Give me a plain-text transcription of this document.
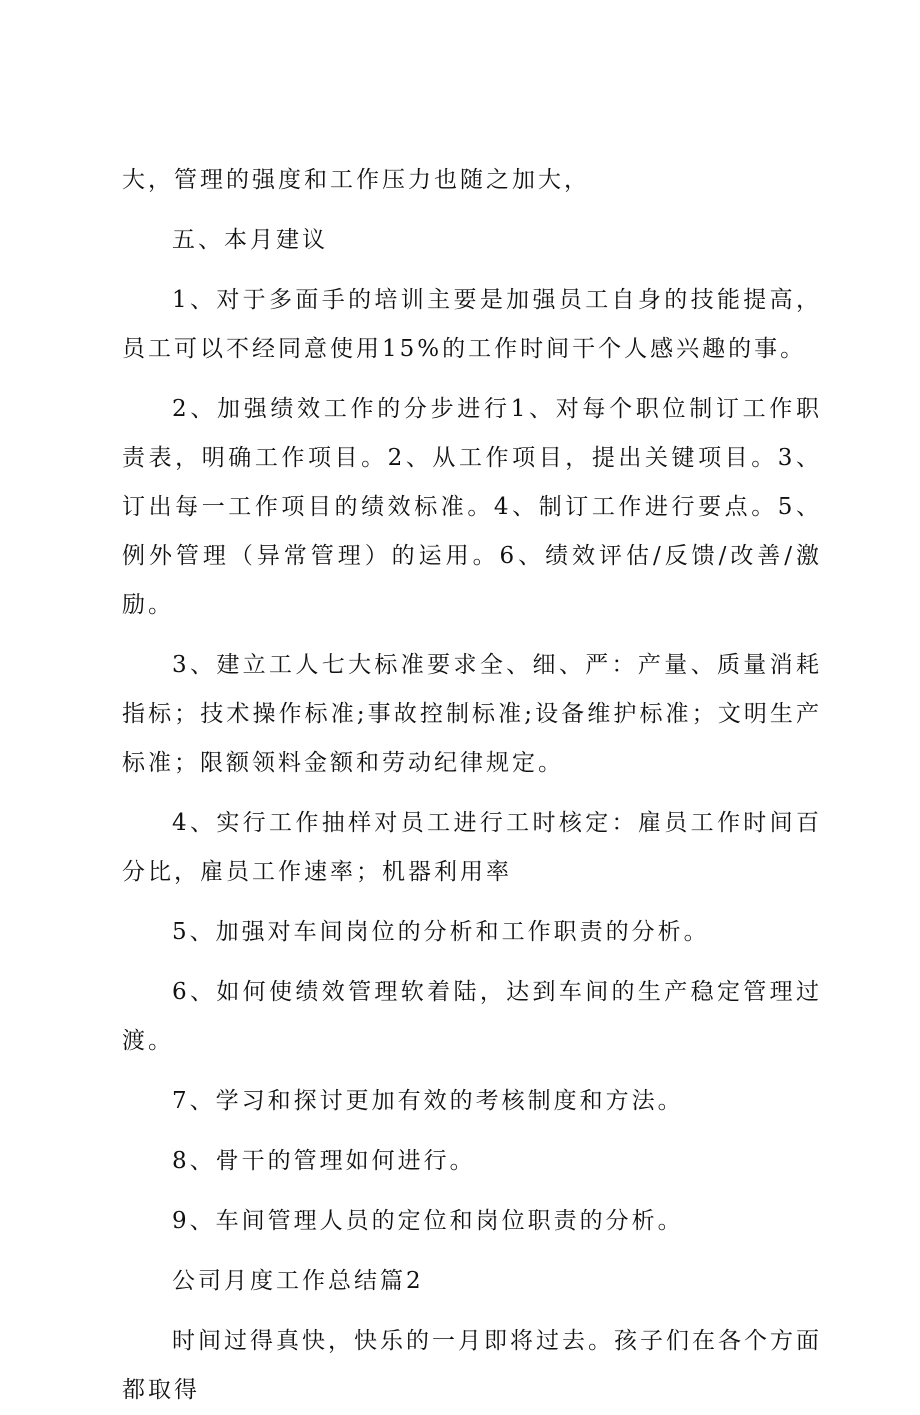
大，管理的强度和工作压力也随之加大，

五、本月建议

1、对于多面手的培训主要是加强员工自身的技能提高，员工可以不经同意使用15%的工作时间干个人感兴趣的事。

2、加强绩效工作的分步进行1、对每个职位制订工作职责表，明确工作项目。2、从工作项目，提出关键项目。3、订出每一工作项目的绩效标准。4、制订工作进行要点。5、例外管理（异常管理）的运用。6、绩效评估/反馈/改善/激励。

3、建立工人七大标准要求全、细、严：产量、质量消耗指标；技术操作标准;事故控制标准;设备维护标准；文明生产标准；限额领料金额和劳动纪律规定。

4、实行工作抽样对员工进行工时核定：雇员工作时间百分比，雇员工作速率；机器利用率

5、加强对车间岗位的分析和工作职责的分析。

6、如何使绩效管理软着陆，达到车间的生产稳定管理过渡。

7、学习和探讨更加有效的考核制度和方法。

8、骨干的管理如何进行。

9、车间管理人员的定位和岗位职责的分析。

公司月度工作总结篇2

时间过得真快，快乐的一月即将过去。孩子们在各个方面都取得
